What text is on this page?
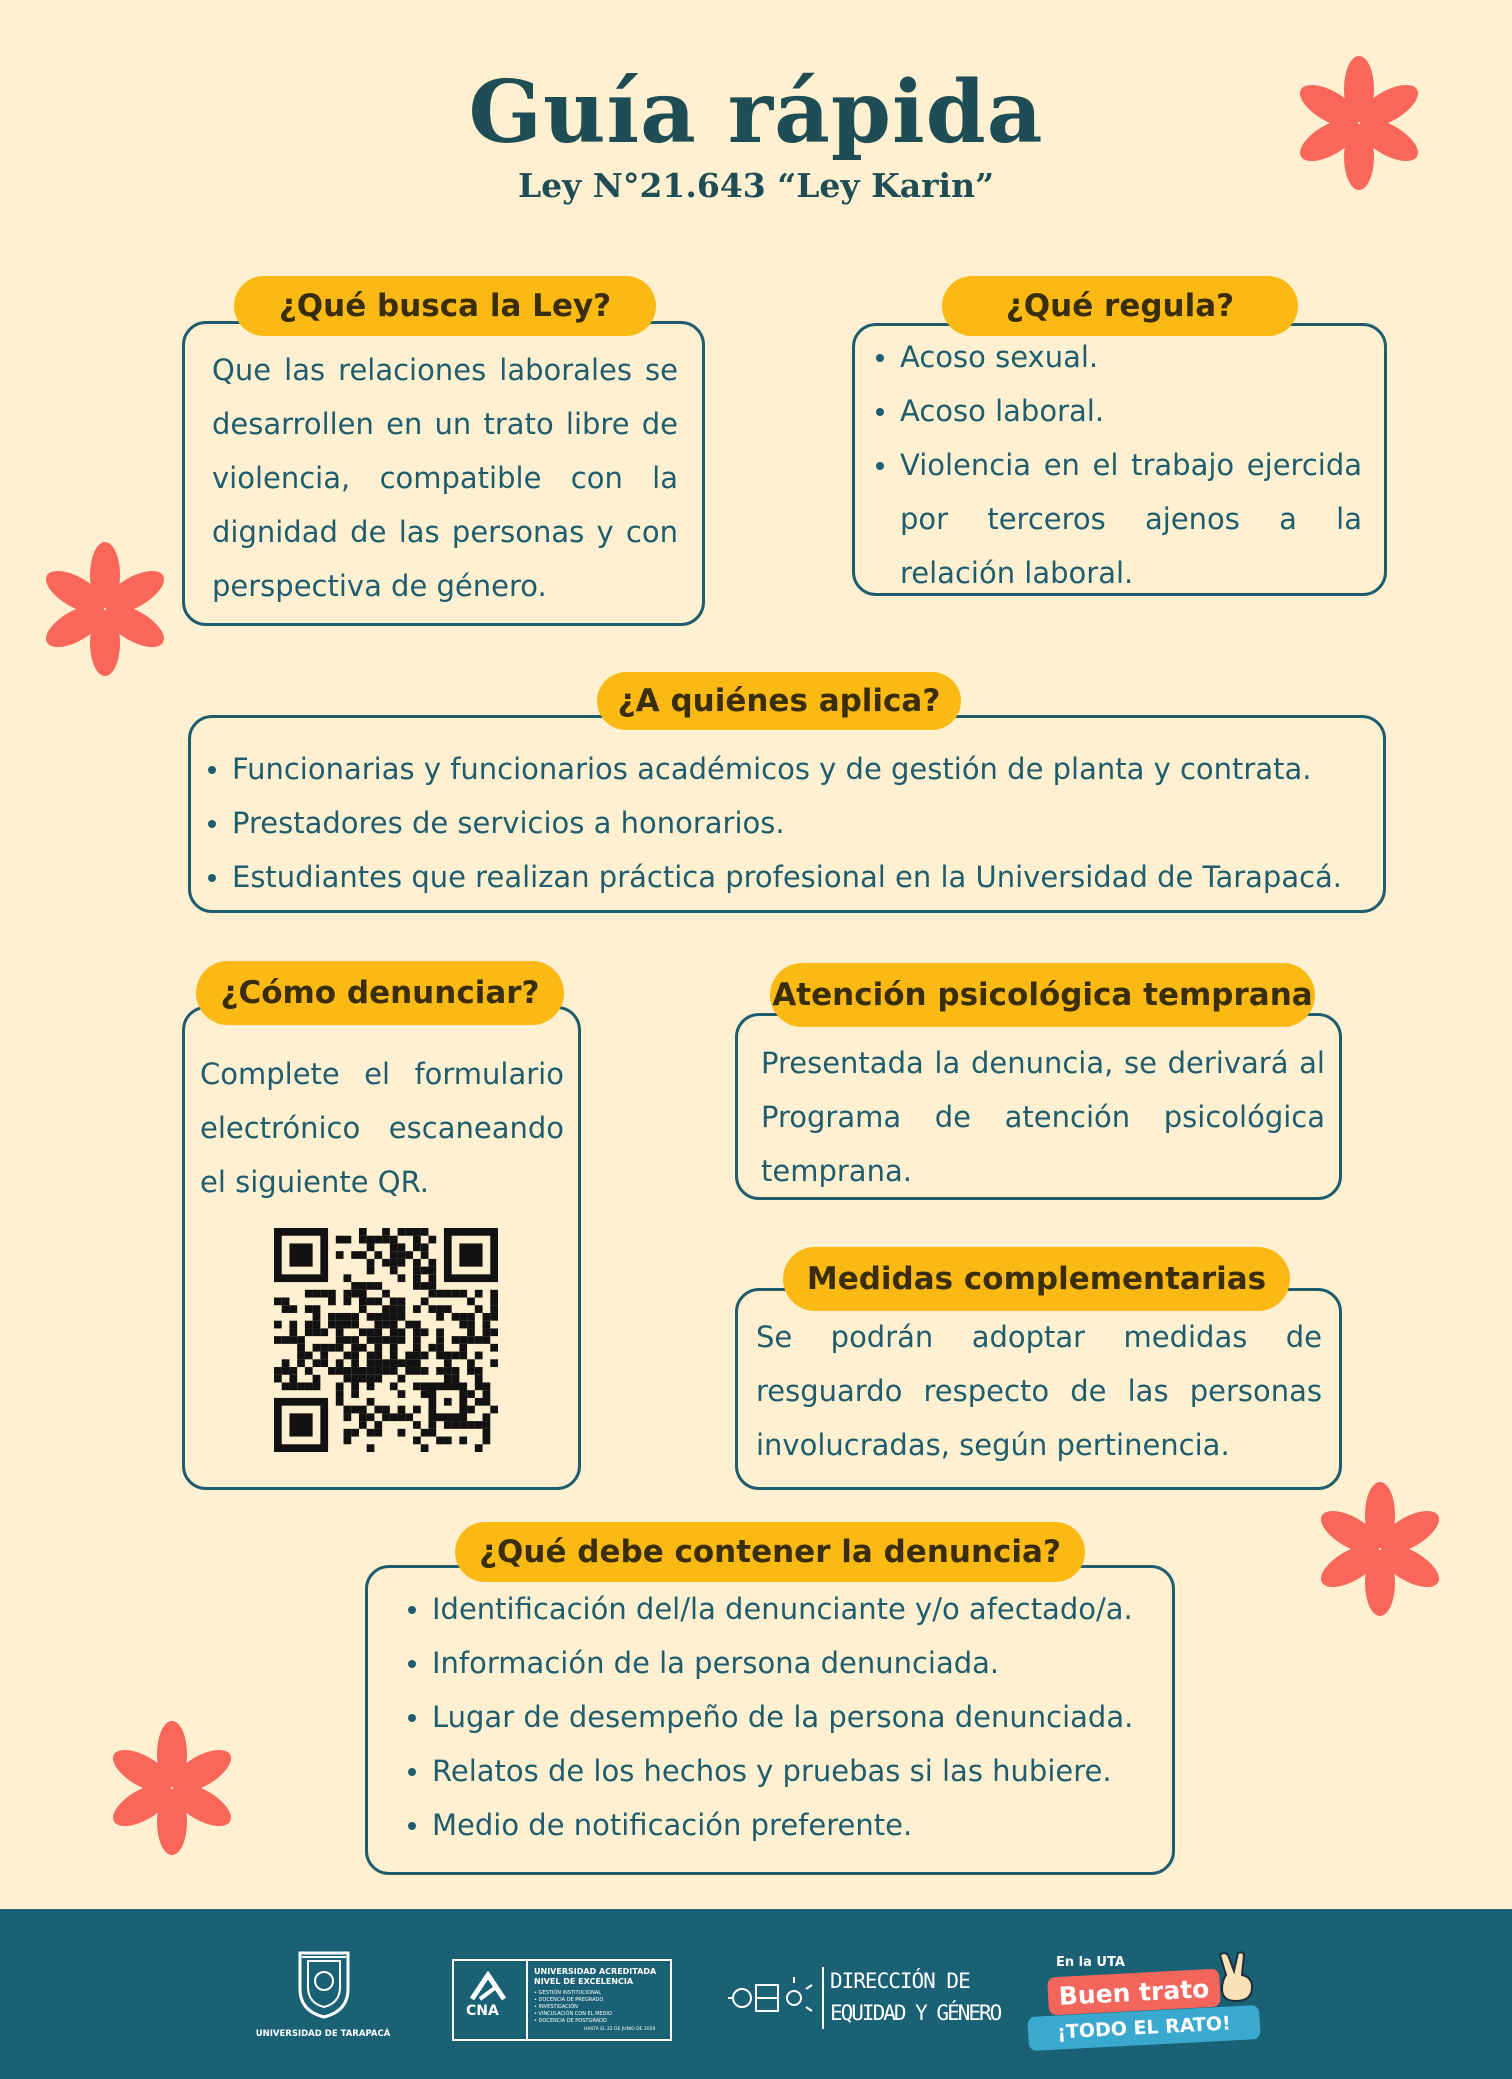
Guía rápida
Ley N°21.643 “Ley Karin”
¿Qué busca la Ley?
Que las relaciones laborales se desarrollen en un trato libre de violencia, compatible con la dignidad de las personas y con perspectiva de género.
¿Qué regula?
Acoso sexual.
Acoso laboral.
Violencia en el trabajo ejercida por terceros ajenos a la relación laboral.
¿A quiénes aplica?
Funcionarias y funcionarios académicos y de gestión de planta y contrata.
Prestadores de servicios a honorarios.
Estudiantes que realizan práctica profesional en la Universidad de Tarapacá.
¿Cómo denunciar?
Complete el formulario electrónico escaneando el siguiente QR.
Atención psicológica temprana
Presentada la denuncia, se derivará al Programa de atención psicológica temprana.
Medidas complementarias
Se podrán adoptar medidas de resguardo respecto de las personas involucradas, según pertinencia.
¿Qué debe contener la denuncia?
Identificación del/la denunciante y/o afectado/a.
Información de la persona denunciada.
Lugar de desempeño de la persona denunciada.
Relatos de los hechos y pruebas si las hubiere.
Medio de notificación preferente.
UNIVERSIDAD DE TARAPACÁ
CNA
UNIVERSIDAD ACREDITADA
NIVEL DE EXCELENCIA
• GESTIÓN INSTITUCIONAL
• DOCENCIA DE PREGRADO
• INVESTIGACIÓN
• VINCULACIÓN CON EL MEDIO
• DOCENCIA DE POSTGRADO
HASTA EL 22 DE JUNIO DE 2029
DIRECCIÓN DE
EQUIDAD Y GÉNERO
En la UTA
Buen trato
¡TODO EL RATO!
